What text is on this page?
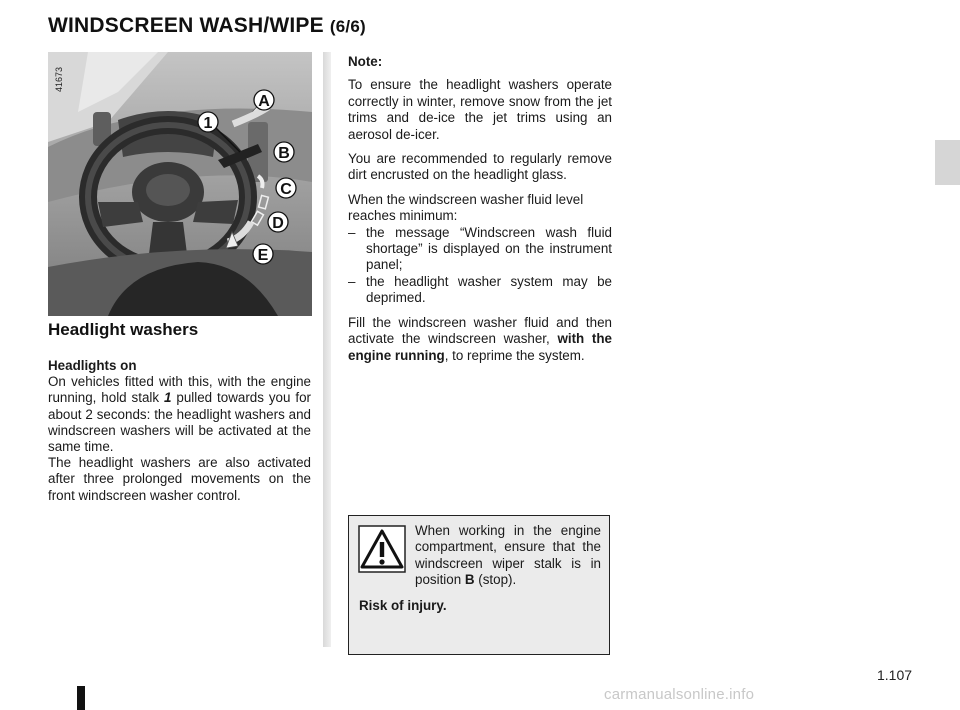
WINDSCREEN WASH/WIPE (6/6)
1
A
B
C
D
E
41673
Headlight washers

Headlights on

On vehicles fitted with this, with the engine running, hold stalk 1 pulled towards you for about 2 seconds: the headlight washers and windscreen washers will be activated at the same time.

The headlight washers are also activated after three prolonged movements on the front windscreen washer control.

Note:

To ensure the headlight washers operate correctly in winter, remove snow from the jet trims and de-ice the jet trims using an aerosol de-icer.

You are recommended to regularly remove dirt encrusted on the headlight glass.

When the windscreen washer fluid level reaches minimum:

– the message “Windscreen wash fluid shortage” is displayed on the instrument panel;
– the headlight washer system may be deprimed.

Fill the windscreen washer fluid and then activate the windscreen washer, with the engine running, to reprime the system.

When working in the engine compartment, ensure that the windscreen wiper stalk is in position B (stop).
Risk of injury.
1.107
carmanualsonline.info
